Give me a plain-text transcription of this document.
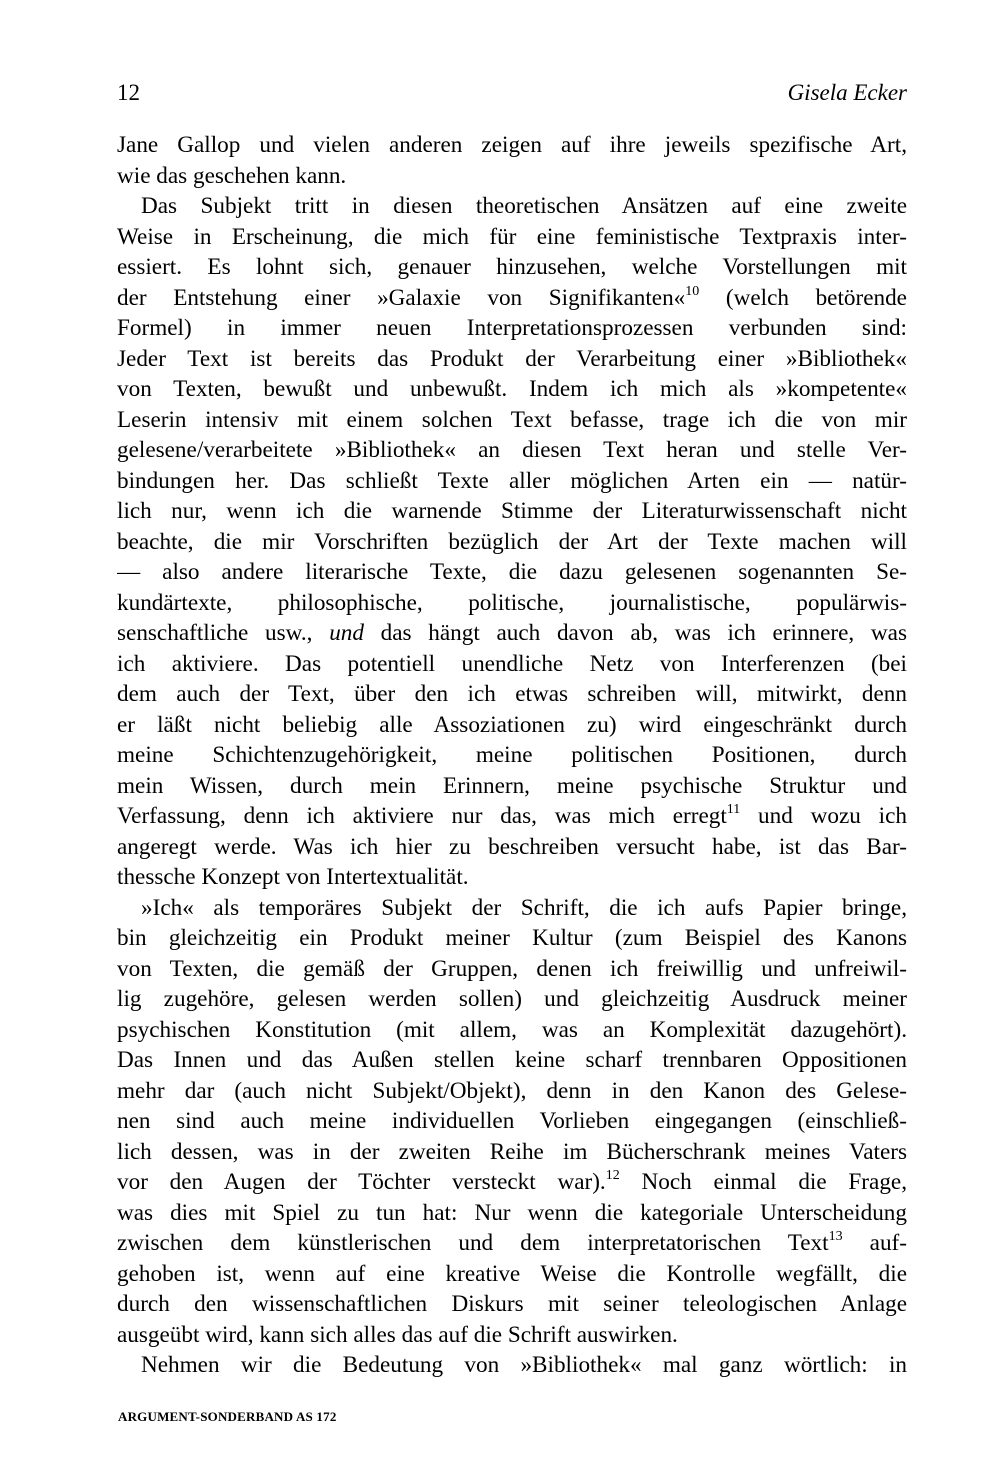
12	Gisela Ecker
Jane Gallop und vielen anderen zeigen auf ihre jeweils spezifische Art,
wie das geschehen kann.
Das Subjekt tritt in diesen theoretischen Ansätzen auf eine zweite
Weise in Erscheinung, die mich für eine feministische Textpraxis inter-
essiert. Es lohnt sich, genauer hinzusehen, welche Vorstellungen mit
der Entstehung einer »Galaxie von Signifikanten«$^{10}$ (welch betörende
Formel) in immer neuen Interpretationsprozessen verbunden sind:
Jeder Text ist bereits das Produkt der Verarbeitung einer »Bibliothek«
von Texten, bewußt und unbewußt. Indem ich mich als »kompetente«
Leserin intensiv mit einem solchen Text befasse, trage ich die von mir
gelesene/verarbeitete »Bibliothek« an diesen Text heran und stelle Ver-
bindungen her. Das schließt Texte aller möglichen Arten ein — natür-
lich nur, wenn ich die warnende Stimme der Literaturwissenschaft nicht
beachte, die mir Vorschriften bezüglich der Art der Texte machen will
— also andere literarische Texte, die dazu gelesenen sogenannten Se-
kundärtexte, philosophische, politische, journalistische, populärwis-
senschaftliche usw., und das hängt auch davon ab, was ich erinnere, was
ich aktiviere. Das potentiell unendliche Netz von Interferenzen (bei
dem auch der Text, über den ich etwas schreiben will, mitwirkt, denn
er läßt nicht beliebig alle Assoziationen zu) wird eingeschränkt durch
meine Schichtenzugehörigkeit, meine politischen Positionen, durch
mein Wissen, durch mein Erinnern, meine psychische Struktur und
Verfassung, denn ich aktiviere nur das, was mich erregt$^{11}$ und wozu ich
angeregt werde. Was ich hier zu beschreiben versucht habe, ist das Bar-
thessche Konzept von Intertextualität.
»Ich« als temporäres Subjekt der Schrift, die ich aufs Papier bringe,
bin gleichzeitig ein Produkt meiner Kultur (zum Beispiel des Kanons
von Texten, die gemäß der Gruppen, denen ich freiwillig und unfreiwil-
lig zugehöre, gelesen werden sollen) und gleichzeitig Ausdruck meiner
psychischen Konstitution (mit allem, was an Komplexität dazugehört).
Das Innen und das Außen stellen keine scharf trennbaren Oppositionen
mehr dar (auch nicht Subjekt/Objekt), denn in den Kanon des Gelese-
nen sind auch meine individuellen Vorlieben eingegangen (einschließ-
lich dessen, was in der zweiten Reihe im Bücherschrank meines Vaters
vor den Augen der Töchter versteckt war).$^{12}$ Noch einmal die Frage,
was dies mit Spiel zu tun hat: Nur wenn die kategoriale Unterscheidung
zwischen dem künstlerischen und dem interpretatorischen Text$^{13}$ auf-
gehoben ist, wenn auf eine kreative Weise die Kontrolle wegfällt, die
durch den wissenschaftlichen Diskurs mit seiner teleologischen Anlage
ausgeübt wird, kann sich alles das auf die Schrift auswirken.
Nehmen wir die Bedeutung von »Bibliothek« mal ganz wörtlich: in
ARGUMENT-SONDERBAND AS 172
